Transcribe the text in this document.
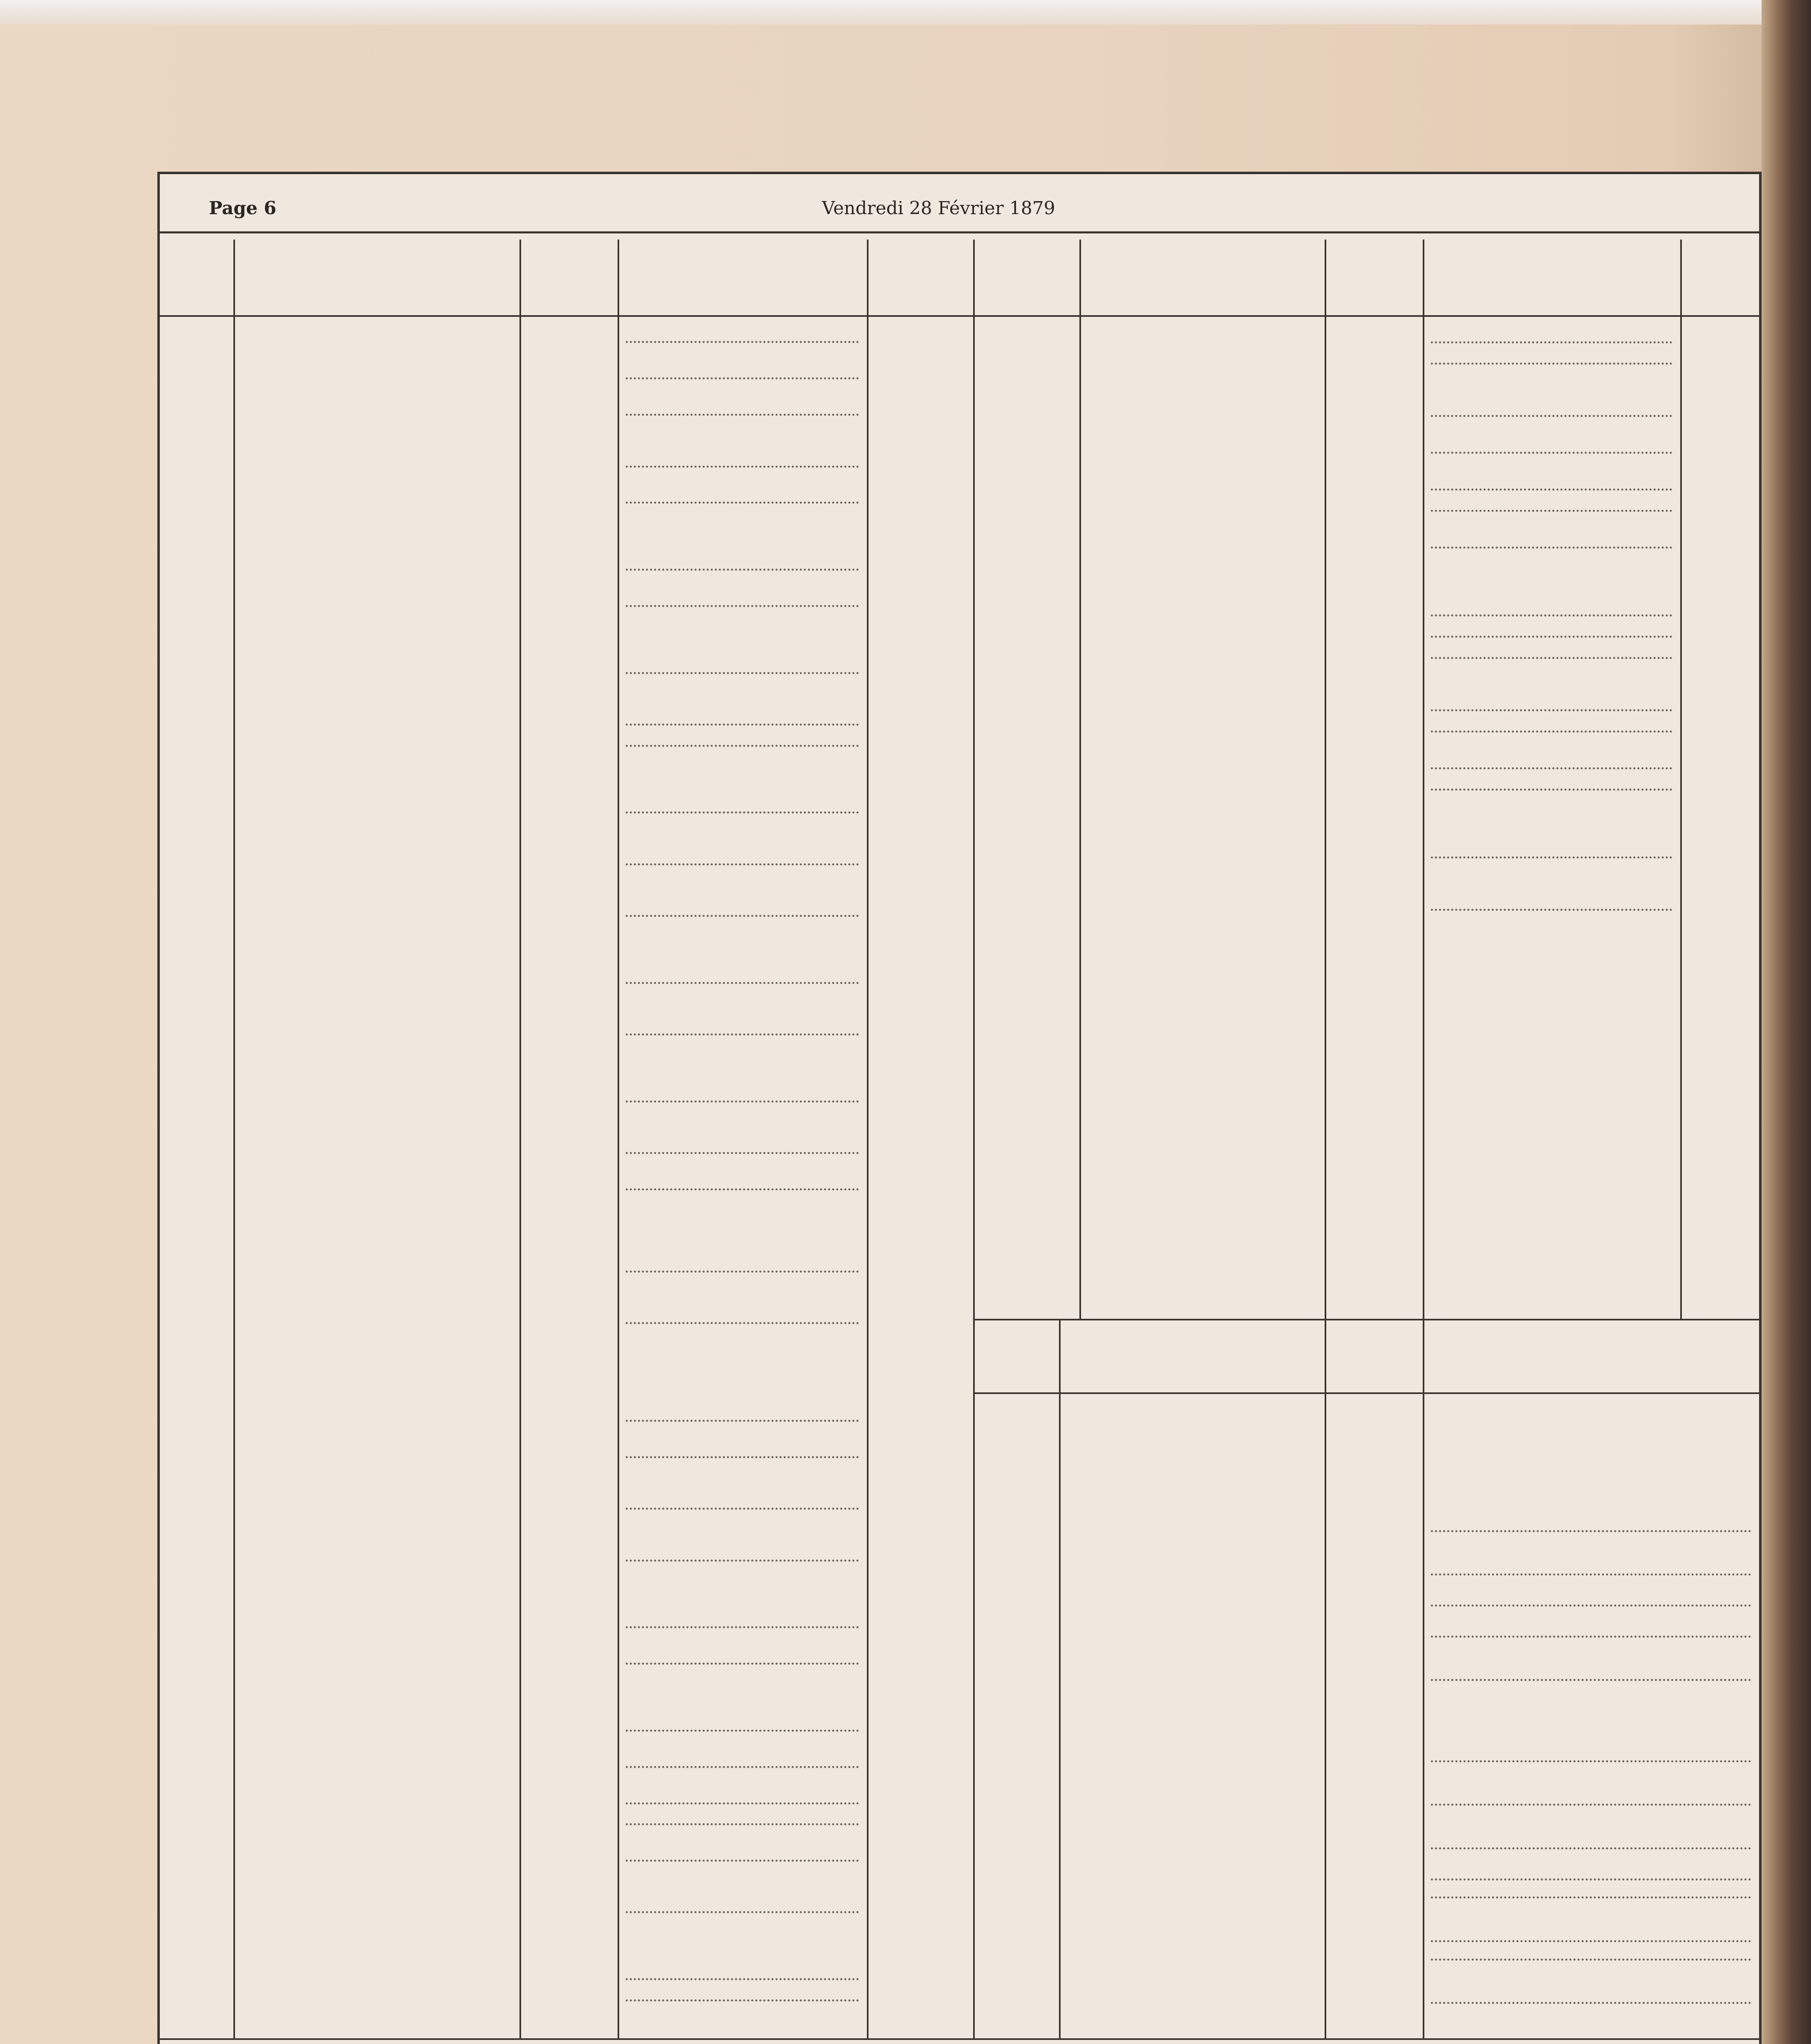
Page 6	Vendredi 28 Février 1879
